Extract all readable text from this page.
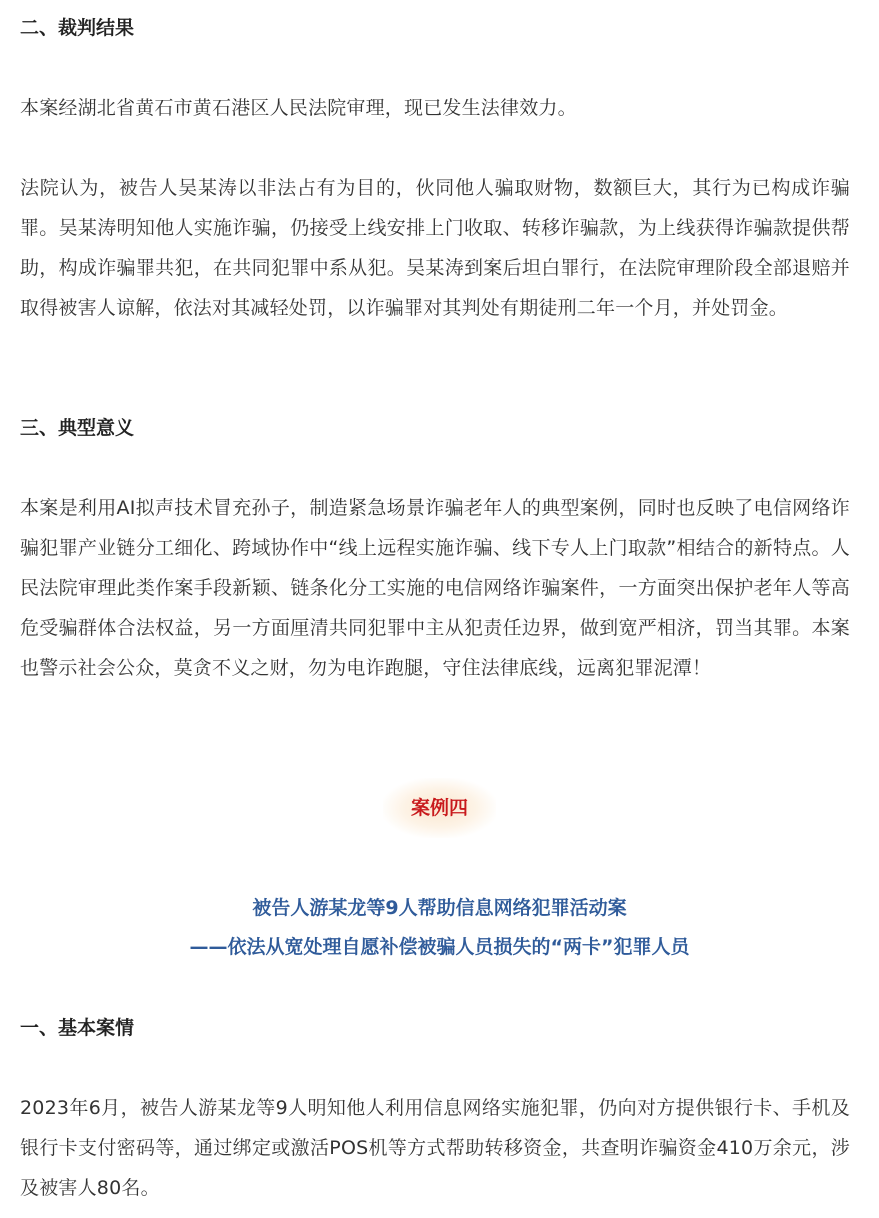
二、裁判结果

本案经湖北省黄石市黄石港区人民法院审理，现已发生法律效力。

法院认为，被告人吴某涛以非法占有为目的，伙同他人骗取财物，数额巨大，其行为已构成诈骗罪。吴某涛明知他人实施诈骗，仍接受上线安排上门收取、转移诈骗款，为上线获得诈骗款提供帮助，构成诈骗罪共犯，在共同犯罪中系从犯。吴某涛到案后坦白罪行，在法院审理阶段全部退赔并取得被害人谅解，依法对其减轻处罚，以诈骗罪对其判处有期徒刑二年一个月，并处罚金。

三、典型意义

本案是利用AI拟声技术冒充孙子，制造紧急场景诈骗老年人的典型案例，同时也反映了电信网络诈骗犯罪产业链分工细化、跨域协作中“线上远程实施诈骗、线下专人上门取款”相结合的新特点。人民法院审理此类作案手段新颖、链条化分工实施的电信网络诈骗案件，一方面突出保护老年人等高危受骗群体合法权益，另一方面厘清共同犯罪中主从犯责任边界，做到宽严相济，罚当其罪。本案也警示社会公众，莫贪不义之财，勿为电诈跑腿，守住法律底线，远离犯罪泥潭！

案例四
被告人游某龙等9人帮助信息网络犯罪活动案
——依法从宽处理自愿补偿被骗人员损失的“两卡”犯罪人员
一、基本案情

2023年6月，被告人游某龙等9人明知他人利用信息网络实施犯罪，仍向对方提供银行卡、手机及银行卡支付密码等，通过绑定或激活POS机等方式帮助转移资金，共查明诈骗资金410万余元，涉及被害人80名。
